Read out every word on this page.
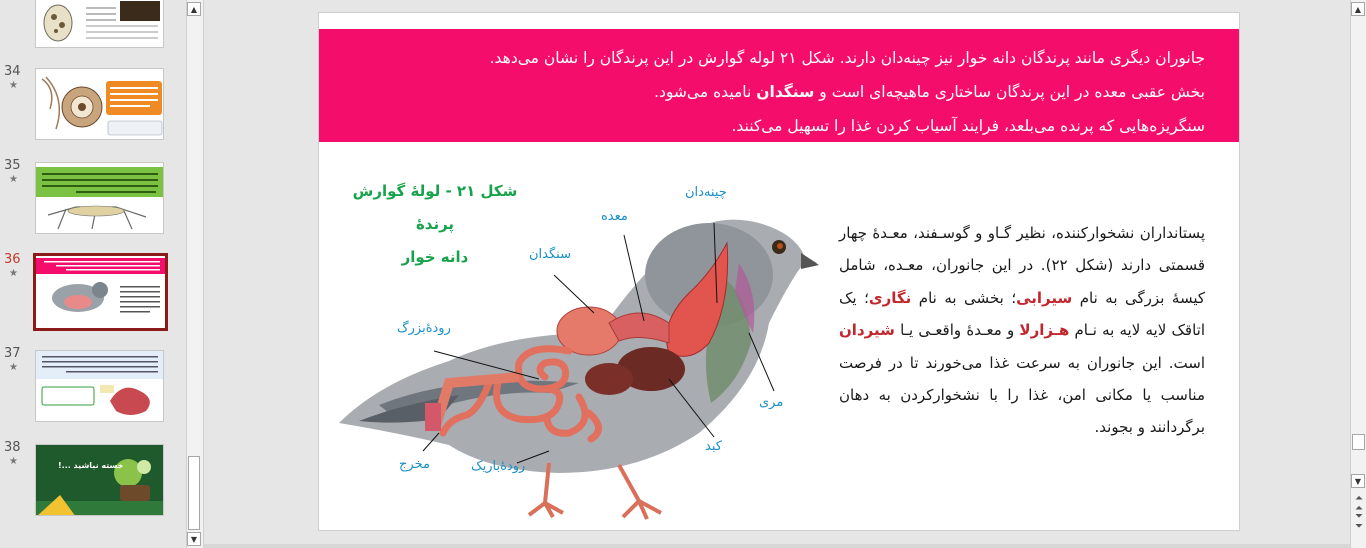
34
★
35
★
36
★
37
★
38
★	خسته نباشید ...!
▲
▼

جانوران دیگری مانند پرندگان دانه خوار نیز چینه‌دان دارند. شکل ۲۱ لوله گوارش در این پرندگان را نشان می‌دهد.

بخش عقبی معده در این پرندگان ساختاری ماهیچه‌ای است و سنگدان نامیده می‌شود.

سنگریزه‌هایی که پرنده می‌بلعد، فرایند آسیاب کردن غذا را تسهیل می‌کنند.

شکل ۲۱ - لولهٔ گوارش پرندهٔ
دانه خوار
چینه‌دان
معده
سنگدان
رودهٔ‌بزرگ
مری
کبد
رودهٔ‌باریک
مخرج
پستانداران نشخوارکننده، نظیر گـاو و گوسـفند، معـدهٔ چهار قسمتی دارند (شکل ۲۲). در این جانوران، معـده، شامل کیسهٔ بزرگی به نام سیرابی؛ بخشی به نام نگاری؛ یک اتاقک لایه لایه به نـام هـزارلا و معـدهٔ واقعـی یـا شیردان است. این جانوران به سرعت غذا می‌خورند تا در فرصت مناسب یا مکانی امن، غذا را با نشخوارکردن به دهان برگردانند و بجوند.
▲
▼
⏶
⏶
⏷
⏷
